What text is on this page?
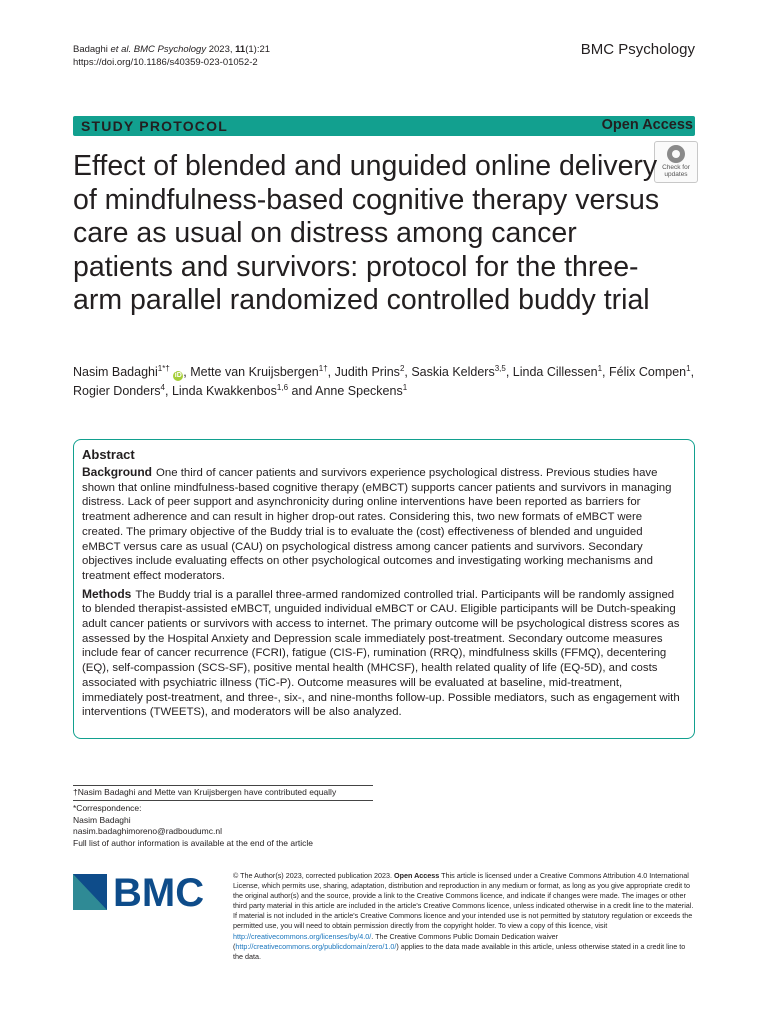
Badaghi et al. BMC Psychology 2023, 11(1):21
https://doi.org/10.1186/s40359-023-01052-2
BMC Psychology
STUDY PROTOCOL	Open Access
Check for
updates
Effect of blended and unguided online delivery of mindfulness-based cognitive therapy versus care as usual on distress among cancer patients and survivors: protocol for the three-arm parallel randomized controlled buddy trial
Nasim Badaghi$^{1*\dagger}$ iD , Mette van Kruijsbergen$^{1\dagger}$, Judith Prins$^2$, Saskia Kelders$^{3,5}$, Linda Cillessen$^1$, Félix Compen$^1$, Rogier Donders$^4$, Linda Kwakkenbos$^{1,6}$ and Anne Speckens$^1$
Abstract

Background One third of cancer patients and survivors experience psychological distress. Previous studies have shown that online mindfulness-based cognitive therapy (eMBCT) supports cancer patients and survivors in managing distress. Lack of peer support and asynchronicity during online interventions have been reported as barriers for treatment adherence and can result in higher drop-out rates. Considering this, two new formats of eMBCT were created. The primary objective of the Buddy trial is to evaluate the (cost) effectiveness of blended and unguided eMBCT versus care as usual (CAU) on psychological distress among cancer patients and survivors. Secondary objectives include evaluating effects on other psychological outcomes and investigating working mechanisms and treatment effect moderators.

Methods The Buddy trial is a parallel three-armed randomized controlled trial. Participants will be randomly assigned to blended therapist-assisted eMBCT, unguided individual eMBCT or CAU. Eligible participants will be Dutch-speaking adult cancer patients or survivors with access to internet. The primary outcome will be psychological distress scores as assessed by the Hospital Anxiety and Depression scale immediately post-treatment. Secondary outcome measures include fear of cancer recurrence (FCRI), fatigue (CIS-F), rumination (RRQ), mindfulness skills (FFMQ), decentering (EQ), self-compassion (SCS-SF), positive mental health (MHCSF), health related quality of life (EQ-5D), and costs associated with psychiatric illness (TiC-P). Outcome measures will be evaluated at baseline, mid-treatment, immediately post-treatment, and three-, six-, and nine-months follow-up. Possible mediators, such as engagement with interventions (TWEETS), and moderators will be also analyzed.

†Nasim Badaghi and Mette van Kruijsbergen have contributed equally
*Correspondence:
Nasim Badaghi
nasim.badaghimoreno@radboudumc.nl
Full list of author information is available at the end of the article
BMC	© The Author(s) 2023, corrected publication 2023. Open Access This article is licensed under a Creative Commons Attribution 4.0 International License, which permits use, sharing, adaptation, distribution and reproduction in any medium or format, as long as you give appropriate credit to the original author(s) and the source, provide a link to the Creative Commons licence, and indicate if changes were made. The images or other third party material in this article are included in the article's Creative Commons licence, unless indicated otherwise in a credit line to the material. If material is not included in the article's Creative Commons licence and your intended use is not permitted by statutory regulation or exceeds the permitted use, you will need to obtain permission directly from the copyright holder. To view a copy of this licence, visit http://creativecommons.org/licenses/by/4.0/. The Creative Commons Public Domain Dedication waiver (http://creativecommons.org/publicdomain/zero/1.0/) applies to the data made available in this article, unless otherwise stated in a credit line to the data.
